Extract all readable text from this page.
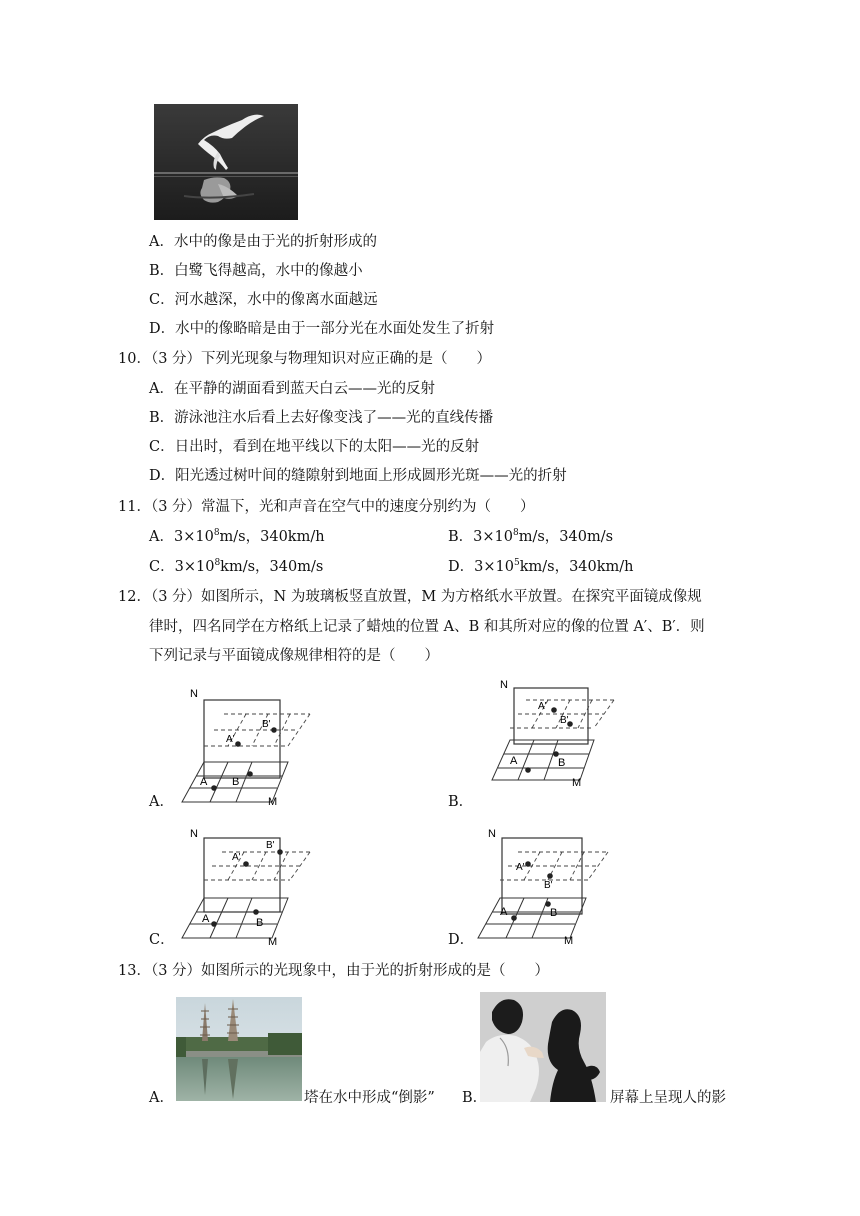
A．水中的像是由于光的折射形成的
B．白鹭飞得越高，水中的像越小
C．河水越深，水中的像离水面越远
D．水中的像略暗是由于一部分光在水面处发生了折射
10．（3 分）下列光现象与物理知识对应正确的是（　　）
A．在平静的湖面看到蓝天白云——光的反射
B．游泳池注水后看上去好像变浅了——光的直线传播
C．日出时，看到在地平线以下的太阳——光的反射
D．阳光透过树叶间的缝隙射到地面上形成圆形光斑——光的折射
11．（3 分）常温下，光和声音在空气中的速度分别约为（　　）
A．$3\times 10^8m/s$，340km/h	B．$3\times 10^8m/s$，340m/s
C．$3\times 10^8km/s$，340m/s	D．$3\times 10^5km/s$，340km/h
12．（3 分）如图所示，N 为玻璃板竖直放置，M 为方格纸水平放置。在探究平面镜成像规
律时，四名同学在方格纸上记录了蜡烛的位置 A、B 和其所对应的像的位置 A′、B′．则
下列记录与平面镜成像规律相符的是（　　）
N
A'
B'
A B
M
A．
N
A'
B'
A	B
M
B．
N
A'
B'
A	B
M
C．
N
A'
B'
A	B
M
D．
13．（3 分）如图所示的光现象中，由于光的折射形成的是（　　）
A．	塔在水中形成“倒影” B．	屏幕上呈现人的影
